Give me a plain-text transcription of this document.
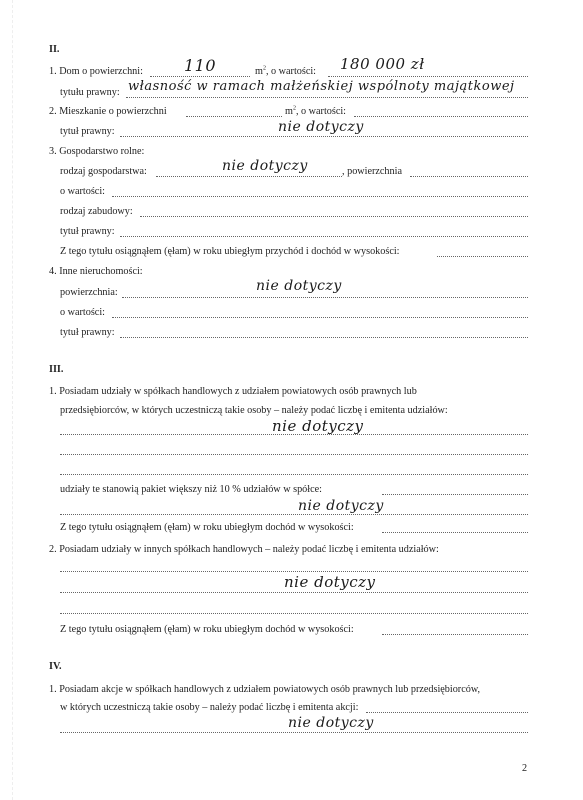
II.
1. Dom o powierzchni:	110	$m^2$, o wartości: 180 000 zł
tytułu prawny: własność w ramach małżeńskiej wspólnoty majątkowej
2. Mieszkanie o powierzchni	$m^2$, o wartości:
tytuł prawny:	nie dotyczy
3. Gospodarstwo rolne:
rodzaj gospodarstwa:	nie dotyczy	, powierzchnia
o wartości:
rodzaj zabudowy:
tytuł prawny:
Z tego tytułu osiągnąłem (ęłam) w roku ubiegłym przychód i dochód w wysokości:
4. Inne nieruchomości:
powierzchnia:	nie dotyczy
o wartości:
tytuł prawny:
III.
1. Posiadam udziały w spółkach handlowych z udziałem powiatowych osób prawnych lub
przedsiębiorców, w których uczestniczą takie osoby – należy podać liczbę i emitenta udziałów:
nie dotyczy
udziały te stanowią pakiet większy niż 10 % udziałów w spółce:
nie dotyczy
Z tego tytułu osiągnąłem (ęłam) w roku ubiegłym dochód w wysokości:
2. Posiadam udziały w innych spółkach handlowych – należy podać liczbę i emitenta udziałów:
nie dotyczy
Z tego tytułu osiągnąłem (ęłam) w roku ubiegłym dochód w wysokości:
IV.
1. Posiadam akcje w spółkach handlowych z udziałem powiatowych osób prawnych lub przedsiębiorców,
w których uczestniczą takie osoby – należy podać liczbę i emitenta akcji:
nie dotyczy
2
